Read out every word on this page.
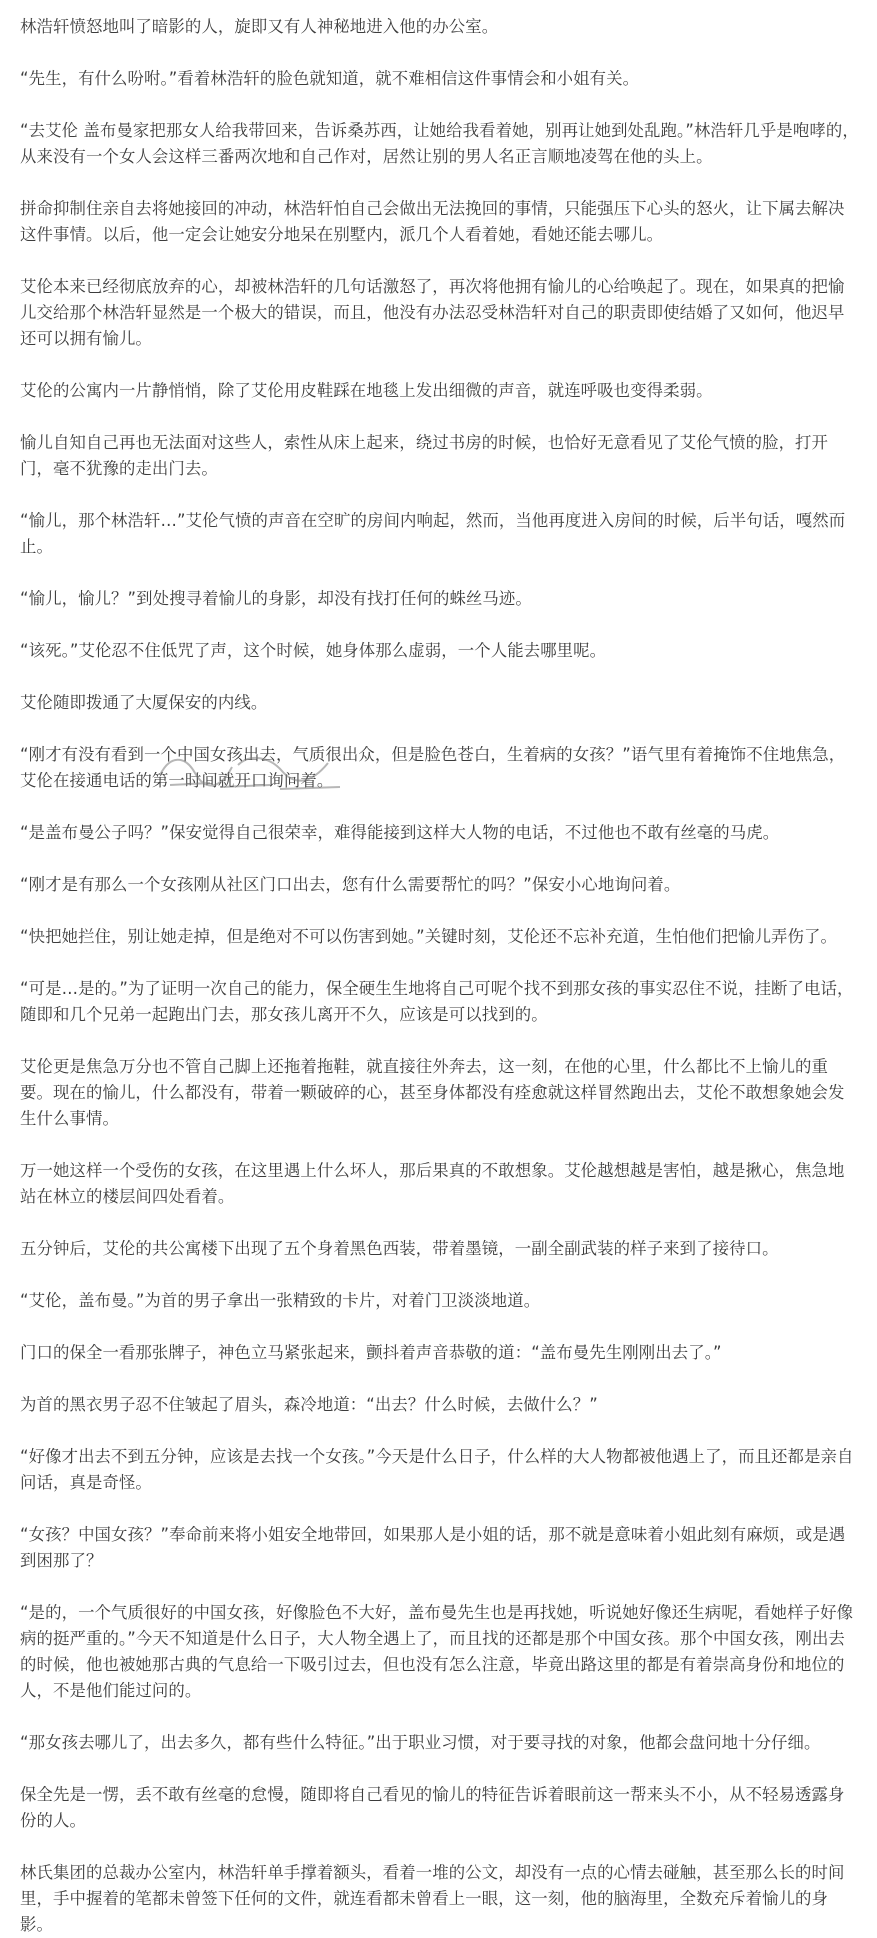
林浩轩愤怒地叫了暗影的人，旋即又有人神秘地进入他的办公室。

“先生，有什么吩咐。”看着林浩轩的脸色就知道，就不难相信这件事情会和小姐有关。

“去艾伦 盖布曼家把那女人给我带回来，告诉桑苏西，让她给我看着她，别再让她到处乱跑。”林浩轩几乎是咆哮的，从来没有一个女人会这样三番两次地和自己作对，居然让别的男人名正言顺地凌驾在他的头上。

拼命抑制住亲自去将她接回的冲动，林浩轩怕自己会做出无法挽回的事情，只能强压下心头的怒火，让下属去解决这件事情。以后，他一定会让她安分地呆在别墅内，派几个人看着她，看她还能去哪儿。

艾伦本来已经彻底放弃的心，却被林浩轩的几句话激怒了，再次将他拥有愉儿的心给唤起了。现在，如果真的把愉儿交给那个林浩轩显然是一个极大的错误，而且，他没有办法忍受林浩轩对自己的职责即使结婚了又如何，他迟早还可以拥有愉儿。

艾伦的公寓内一片静悄悄，除了艾伦用皮鞋踩在地毯上发出细微的声音，就连呼吸也变得柔弱。

愉儿自知自己再也无法面对这些人，索性从床上起来，绕过书房的时候，也恰好无意看见了艾伦气愤的脸，打开门，毫不犹豫的走出门去。

“愉儿，那个林浩轩…”艾伦气愤的声音在空旷的房间内响起，然而，当他再度进入房间的时候，后半句话，嘎然而止。

“愉儿，愉儿？”到处搜寻着愉儿的身影，却没有找打任何的蛛丝马迹。

“该死。”艾伦忍不住低咒了声，这个时候，她身体那么虚弱，一个人能去哪里呢。

艾伦随即拨通了大厦保安的内线。

“刚才有没有看到一个中国女孩出去，气质很出众，但是脸色苍白，生着病的女孩？”语气里有着掩饰不住地焦急，艾伦在接通电话的第一时间就开口询问着。

“是盖布曼公子吗？”保安觉得自己很荣幸，难得能接到这样大人物的电话，不过他也不敢有丝毫的马虎。

“刚才是有那么一个女孩刚从社区门口出去，您有什么需要帮忙的吗？”保安小心地询问着。

“快把她拦住，别让她走掉，但是绝对不可以伤害到她。”关键时刻，艾伦还不忘补充道，生怕他们把愉儿弄伤了。

“可是…是的。”为了证明一次自己的能力，保全硬生生地将自己可呢个找不到那女孩的事实忍住不说，挂断了电话，随即和几个兄弟一起跑出门去，那女孩儿离开不久，应该是可以找到的。

艾伦更是焦急万分也不管自己脚上还拖着拖鞋，就直接往外奔去，这一刻，在他的心里，什么都比不上愉儿的重要。现在的愉儿，什么都没有，带着一颗破碎的心，甚至身体都没有痊愈就这样冒然跑出去，艾伦不敢想象她会发生什么事情。

万一她这样一个受伤的女孩，在这里遇上什么坏人，那后果真的不敢想象。艾伦越想越是害怕，越是揪心，焦急地站在林立的楼层间四处看着。

五分钟后，艾伦的共公寓楼下出现了五个身着黑色西装，带着墨镜，一副全副武装的样子来到了接待口。

“艾伦，盖布曼。”为首的男子拿出一张精致的卡片，对着门卫淡淡地道。

门口的保全一看那张牌子，神色立马紧张起来，颤抖着声音恭敬的道：“盖布曼先生刚刚出去了。”

为首的黑衣男子忍不住皱起了眉头，森冷地道：“出去？什么时候，去做什么？”

“好像才出去不到五分钟，应该是去找一个女孩。”今天是什么日子，什么样的大人物都被他遇上了，而且还都是亲自问话，真是奇怪。

“女孩？中国女孩？”奉命前来将小姐安全地带回，如果那人是小姐的话，那不就是意味着小姐此刻有麻烦，或是遇到困那了？

“是的，一个气质很好的中国女孩，好像脸色不大好，盖布曼先生也是再找她，听说她好像还生病呢，看她样子好像病的挺严重的。”今天不知道是什么日子，大人物全遇上了，而且找的还都是那个中国女孩。那个中国女孩，刚出去的时候，他也被她那古典的气息给一下吸引过去，但也没有怎么注意，毕竟出路这里的都是有着崇高身份和地位的人，不是他们能过问的。

“那女孩去哪儿了，出去多久，都有些什么特征。”出于职业习惯，对于要寻找的对象，他都会盘问地十分仔细。

保全先是一愣，丢不敢有丝毫的怠慢，随即将自己看见的愉儿的特征告诉着眼前这一帮来头不小，从不轻易透露身份的人。

林氏集团的总裁办公室内，林浩轩单手撑着额头，看着一堆的公文，却没有一点的心情去碰触，甚至那么长的时间里，手中握着的笔都未曾签下任何的文件，就连看都未曾看上一眼，这一刻，他的脑海里，全数充斥着愉儿的身影。
